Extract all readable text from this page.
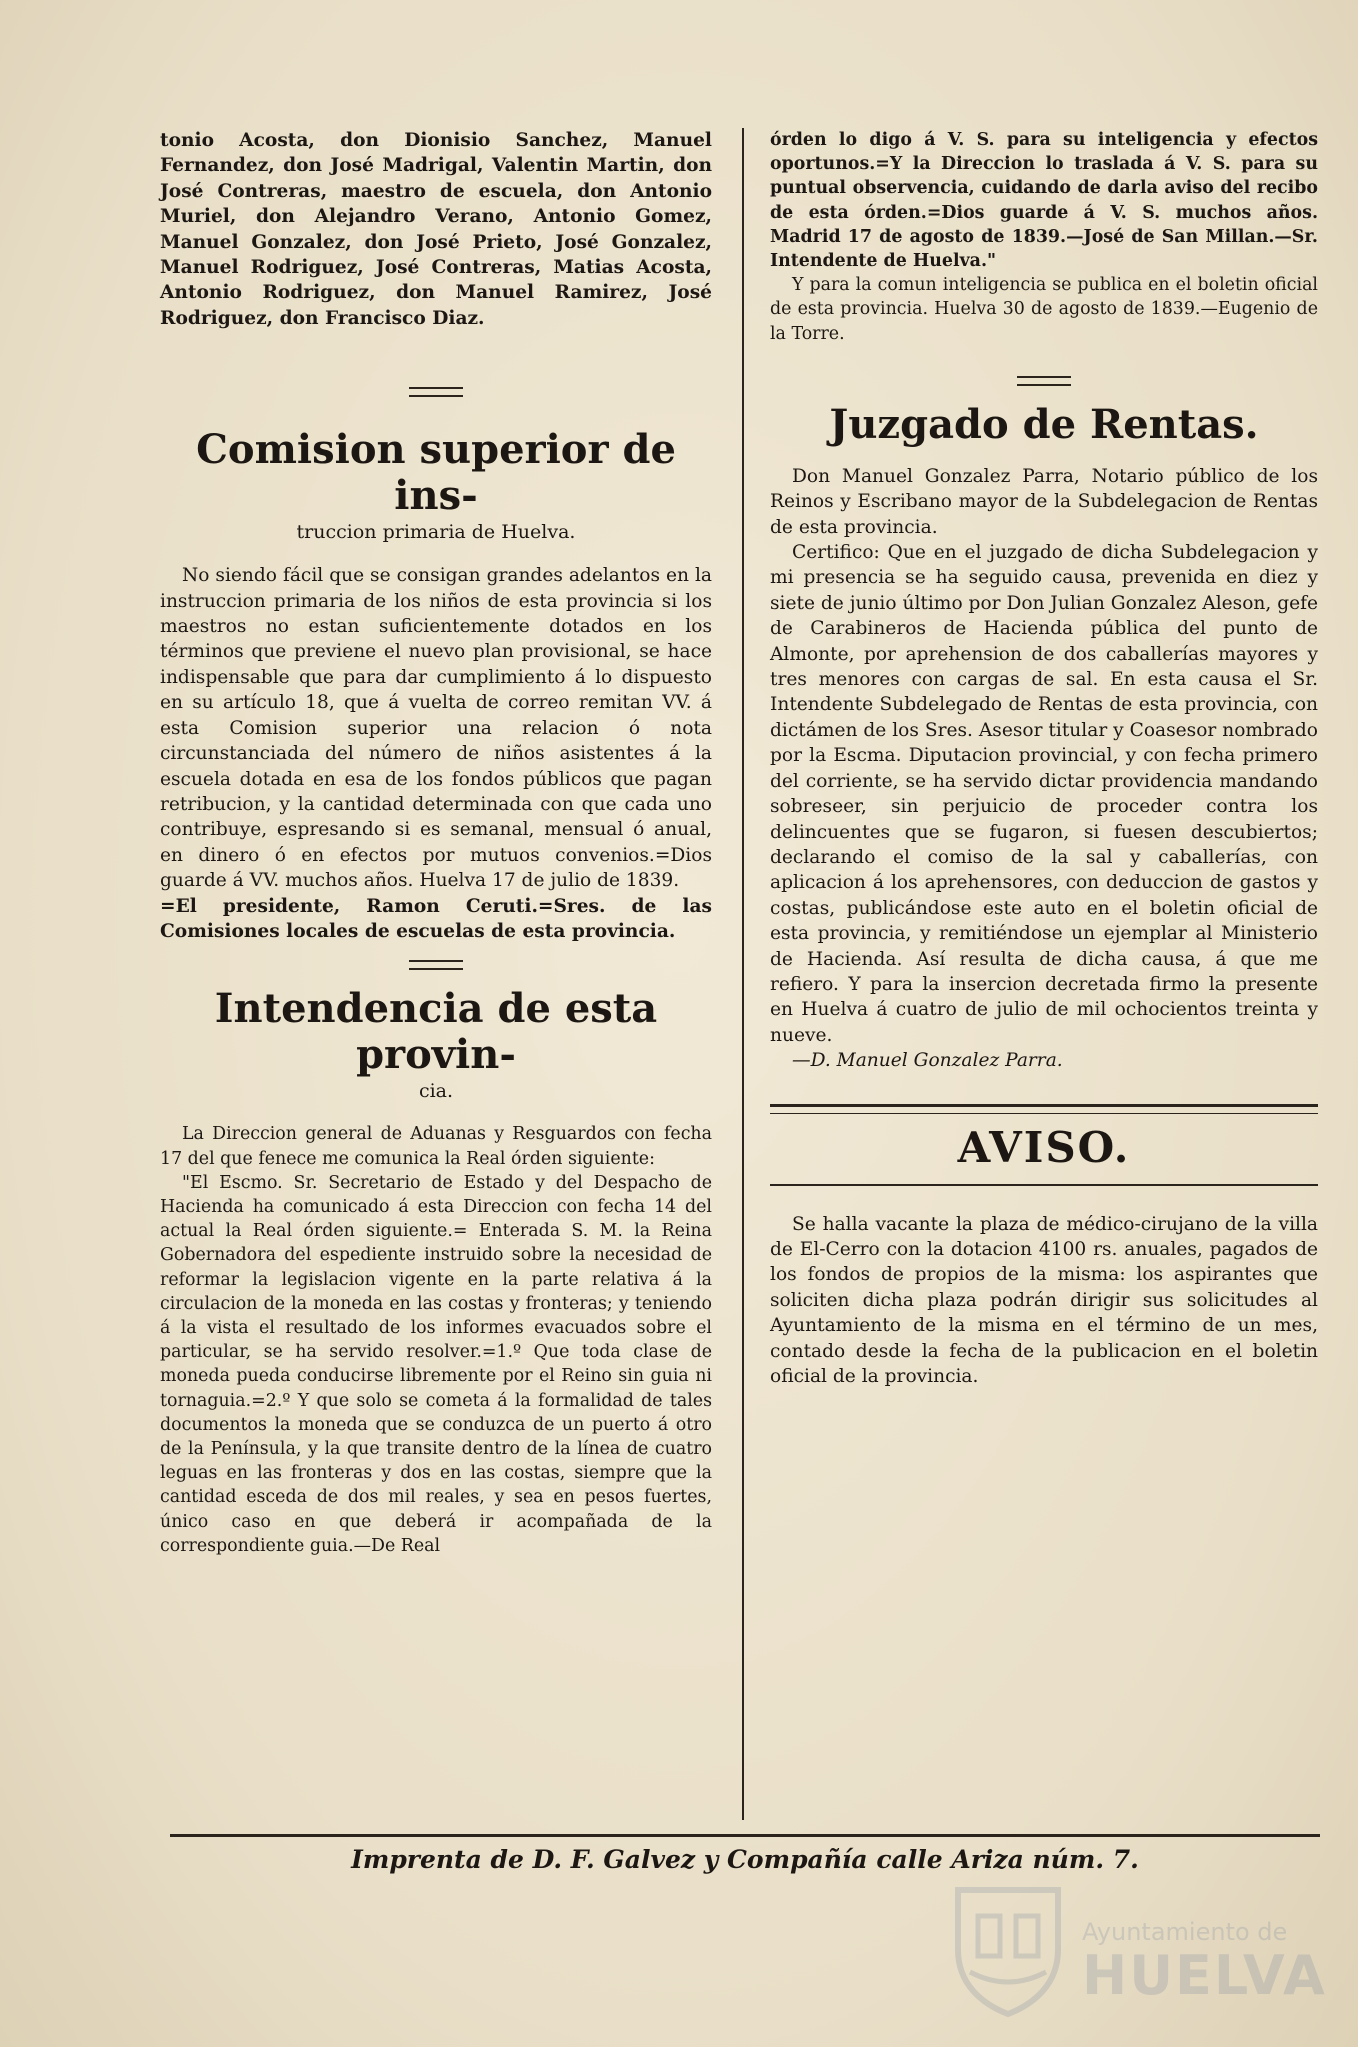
tonio Acosta, don Dionisio Sanchez, Manuel Fernandez, don José Madrigal, Valentin Martin, don José Contreras, maestro de escuela, don Antonio Muriel, don Alejandro Verano, Antonio Gomez, Manuel Gonzalez, don José Prieto, José Gonzalez, Manuel Rodriguez, José Contreras, Matias Acosta, Antonio Rodriguez, don Manuel Ramirez, José Rodriguez, don Francisco Diaz.

Comision superior de ins-

truccion primaria de Huelva.

No siendo fácil que se consigan grandes adelantos en la instruccion primaria de los niños de esta provincia si los maestros no estan suficientemente dotados en los términos que previene el nuevo plan provisional, se hace indispensable que para dar cumplimiento á lo dispuesto en su artículo 18, que á vuelta de correo remitan VV. á esta Comision superior una relacion ó nota circunstanciada del número de niños asistentes á la escuela dotada en esa de los fondos públicos que pagan retribucion, y la cantidad determinada con que cada uno contribuye, espresando si es semanal, mensual ó anual, en dinero ó en efectos por mutuos convenios.=Dios guarde á VV. muchos años. Huelva 17 de julio de 1839.

=El presidente, Ramon Ceruti.=Sres. de las Comisiones locales de escuelas de esta provincia.

Intendencia de esta provin-

cia.

La Direccion general de Aduanas y Resguardos con fecha 17 del que fenece me comunica la Real órden siguiente:

"El Escmo. Sr. Secretario de Estado y del Despacho de Hacienda ha comunicado á esta Direccion con fecha 14 del actual la Real órden siguiente.= Enterada S. M. la Reina Gobernadora del espediente instruido sobre la necesidad de reformar la legislacion vigente en la parte relativa á la circulacion de la moneda en las costas y fronteras; y teniendo á la vista el resultado de los informes evacuados sobre el particular, se ha servido resolver.=1.º Que toda clase de moneda pueda conducirse libremente por el Reino sin guia ni tornaguia.=2.º Y que solo se cometa á la formalidad de tales documentos la moneda que se conduzca de un puerto á otro de la Península, y la que transite dentro de la línea de cuatro leguas en las fronteras y dos en las costas, siempre que la cantidad esceda de dos mil reales, y sea en pesos fuertes, único caso en que deberá ir acompañada de la correspondiente guia.—De Real

órden lo digo á V. S. para su inteligencia y efectos oportunos.=Y la Direccion lo traslada á V. S. para su puntual observencia, cuidando de darla aviso del recibo de esta órden.=Dios guarde á V. S. muchos años. Madrid 17 de agosto de 1839.—José de San Millan.—Sr. Intendente de Huelva."

Y para la comun inteligencia se publica en el boletin oficial de esta provincia. Huelva 30 de agosto de 1839.—Eugenio de la Torre.

Juzgado de Rentas.

Don Manuel Gonzalez Parra, Notario público de los Reinos y Escribano mayor de la Subdelegacion de Rentas de esta provincia.

Certifico: Que en el juzgado de dicha Subdelegacion y mi presencia se ha seguido causa, prevenida en diez y siete de junio último por Don Julian Gonzalez Aleson, gefe de Carabineros de Hacienda pública del punto de Almonte, por aprehension de dos caballerías mayores y tres menores con cargas de sal. En esta causa el Sr. Intendente Subdelegado de Rentas de esta provincia, con dictámen de los Sres. Asesor titular y Coasesor nombrado por la Escma. Diputacion provincial, y con fecha primero del corriente, se ha servido dictar providencia mandando sobreseer, sin perjuicio de proceder contra los delincuentes que se fugaron, si fuesen descubiertos; declarando el comiso de la sal y caballerías, con aplicacion á los aprehensores, con deduccion de gastos y costas, publicándose este auto en el boletin oficial de esta provincia, y remitiéndose un ejemplar al Ministerio de Hacienda. Así resulta de dicha causa, á que me refiero. Y para la insercion decretada firmo la presente en Huelva á cuatro de julio de mil ochocientos treinta y nueve.

—D. Manuel Gonzalez Parra.

AVISO.

Se halla vacante la plaza de médico-cirujano de la villa de El-Cerro con la dotacion 4100 rs. anuales, pagados de los fondos de propios de la misma: los aspirantes que soliciten dicha plaza podrán dirigir sus solicitudes al Ayuntamiento de la misma en el término de un mes, contado desde la fecha de la publicacion en el boletin oficial de la provincia.

Imprenta de D. F. Galvez y Compañía calle Ariza núm. 7.
Ayuntamiento de
HUELVA
